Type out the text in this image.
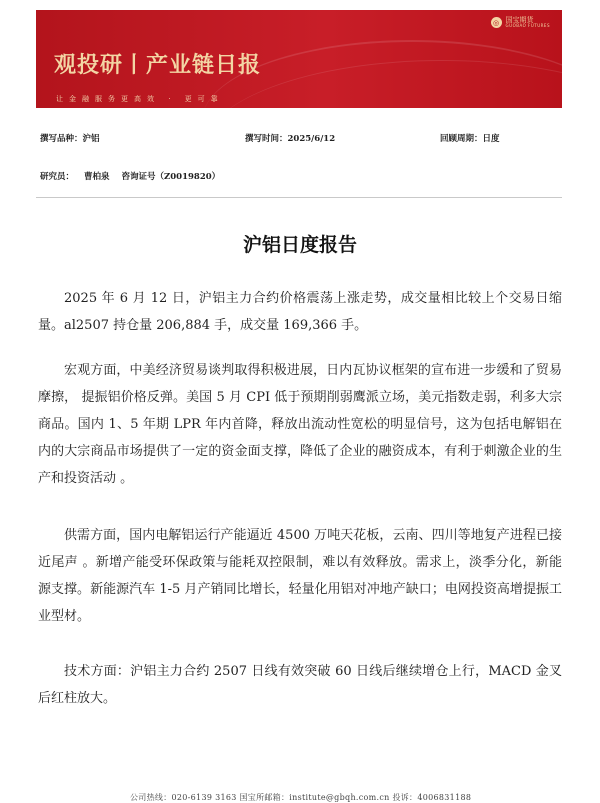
◎ 国宝期货
GUOBAO FUTURES
观投研丨产业链日报
让金融服务更高效 · 更可靠
撰写品种：沪铝	撰写时间：2025/6/12	回顾周期：日度
研究员： 曹柏泉 咨询证号（Z0019820）
沪铝日度报告

2025 年 6 月 12 日，沪铝主力合约价格震荡上涨走势，成交量相比较上个交易日缩量。al2507 持仓量 206,884 手，成交量 169,366 手。

宏观方面，中美经济贸易谈判取得积极进展，日内瓦协议框架的宣布进一步缓和了贸易摩擦， 提振铝价格反弹。美国 5 月 CPI 低于预期削弱鹰派立场，美元指数走弱，利多大宗商品。国内 1、5 年期 LPR 年内首降，释放出流动性宽松的明显信号，这为包括电解铝在内的大宗商品市场提供了一定的资金面支撑，降低了企业的融资成本，有利于刺激企业的生产和投资活动 。

供需方面，国内电解铝运行产能逼近 4500 万吨天花板，云南、四川等地复产进程已接近尾声 。新增产能受环保政策与能耗双控限制，难以有效释放。需求上，淡季分化，新能源支撑。新能源汽车 1-5 月产销同比增长，轻量化用铝对冲地产缺口；电网投资高增提振工业型材。

技术方面：沪铝主力合约 2507 日线有效突破 60 日线后继续增仓上行，MACD 金叉后红柱放大。

公司热线：020-6139 3163 国宝所邮箱：institute@gbqh.com.cn 投诉：4006831188
